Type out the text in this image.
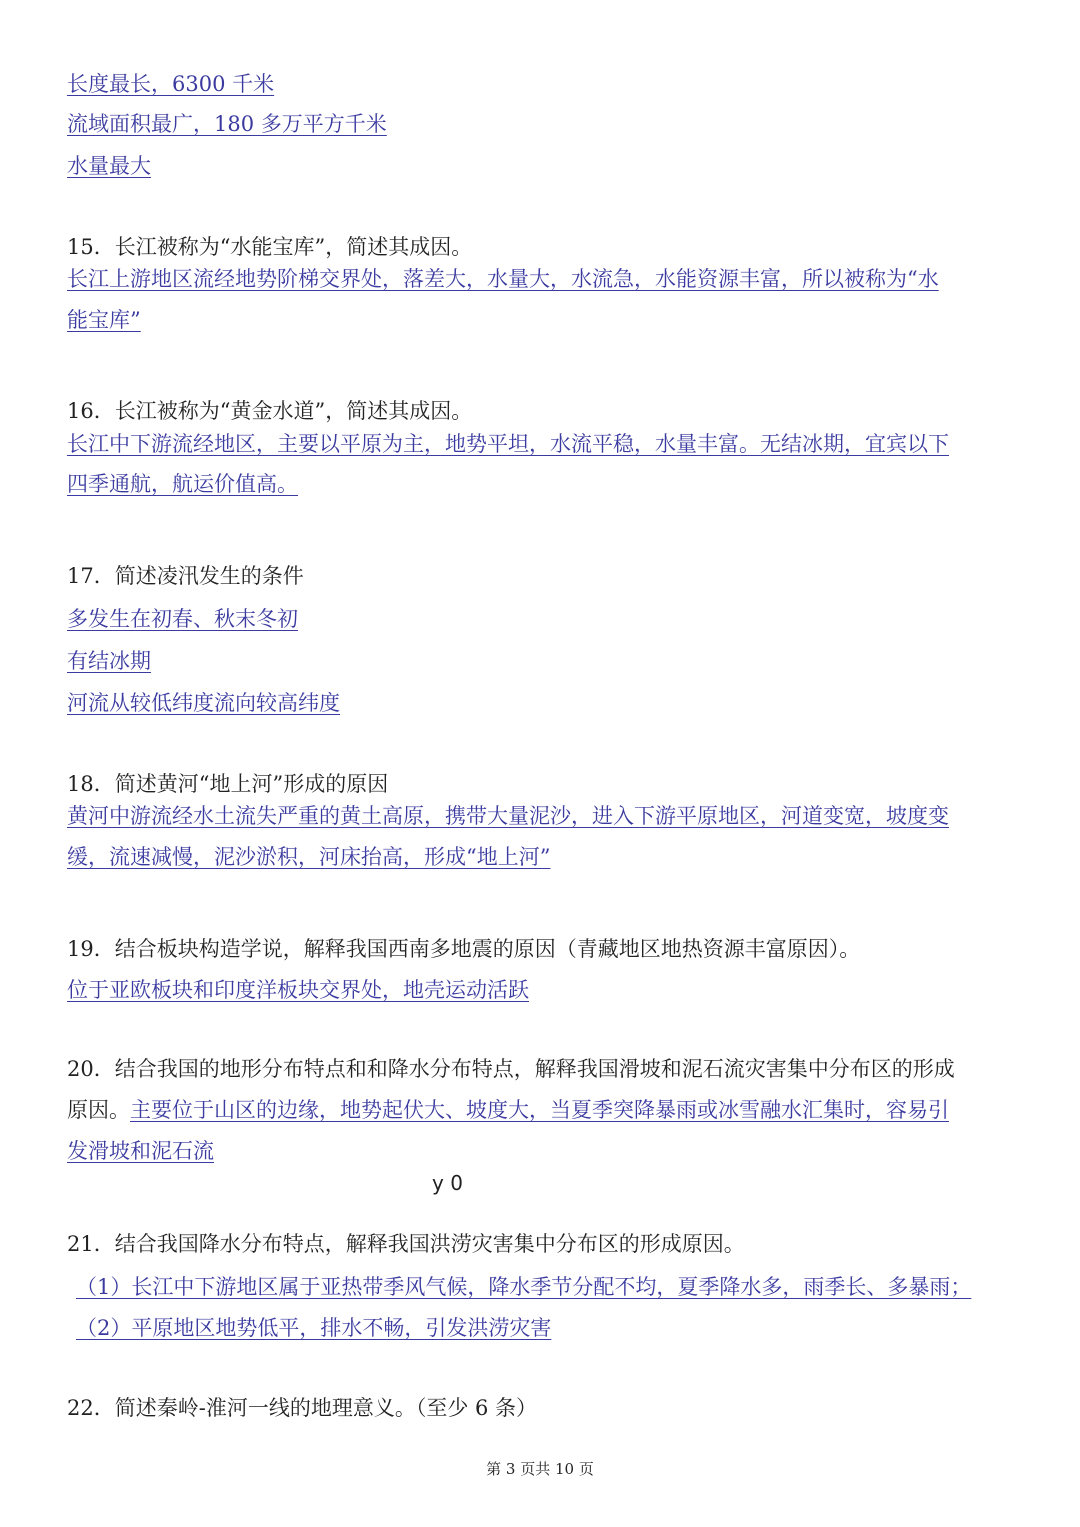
长度最长，6300 千米
流域面积最广，180 多万平方千米
水量最大
15．长江被称为“水能宝库”，简述其成因。
长江上游地区流经地势阶梯交界处，落差大，水量大，水流急，水能资源丰富，所以被称为“水
能宝库”
16．长江被称为“黄金水道”，简述其成因。
长江中下游流经地区，主要以平原为主，地势平坦，水流平稳，水量丰富。无结冰期，宜宾以下
四季通航，航运价值高。
17．简述凌汛发生的条件
多发生在初春、秋末冬初
有结冰期
河流从较低纬度流向较高纬度
18．简述黄河“地上河”形成的原因
黄河中游流经水土流失严重的黄土高原，携带大量泥沙，进入下游平原地区，河道变宽，坡度变
缓，流速减慢，泥沙淤积，河床抬高，形成“地上河”
19．结合板块构造学说，解释我国西南多地震的原因（青藏地区地热资源丰富原因）。
位于亚欧板块和印度洋板块交界处，地壳运动活跃
20．结合我国的地形分布特点和和降水分布特点，解释我国滑坡和泥石流灾害集中分布区的形成
原因。主要位于山区的边缘，地势起伏大、坡度大，当夏季突降暴雨或冰雪融水汇集时，容易引
发滑坡和泥石流
y 0
21．结合我国降水分布特点，解释我国洪涝灾害集中分布区的形成原因。
（1）长江中下游地区属于亚热带季风气候，降水季节分配不均，夏季降水多，雨季长、多暴雨；
（2）平原地区地势低平，排水不畅，引发洪涝灾害
22．简述秦岭-淮河一线的地理意义。（至少 6 条）
第 3 页共 10 页
